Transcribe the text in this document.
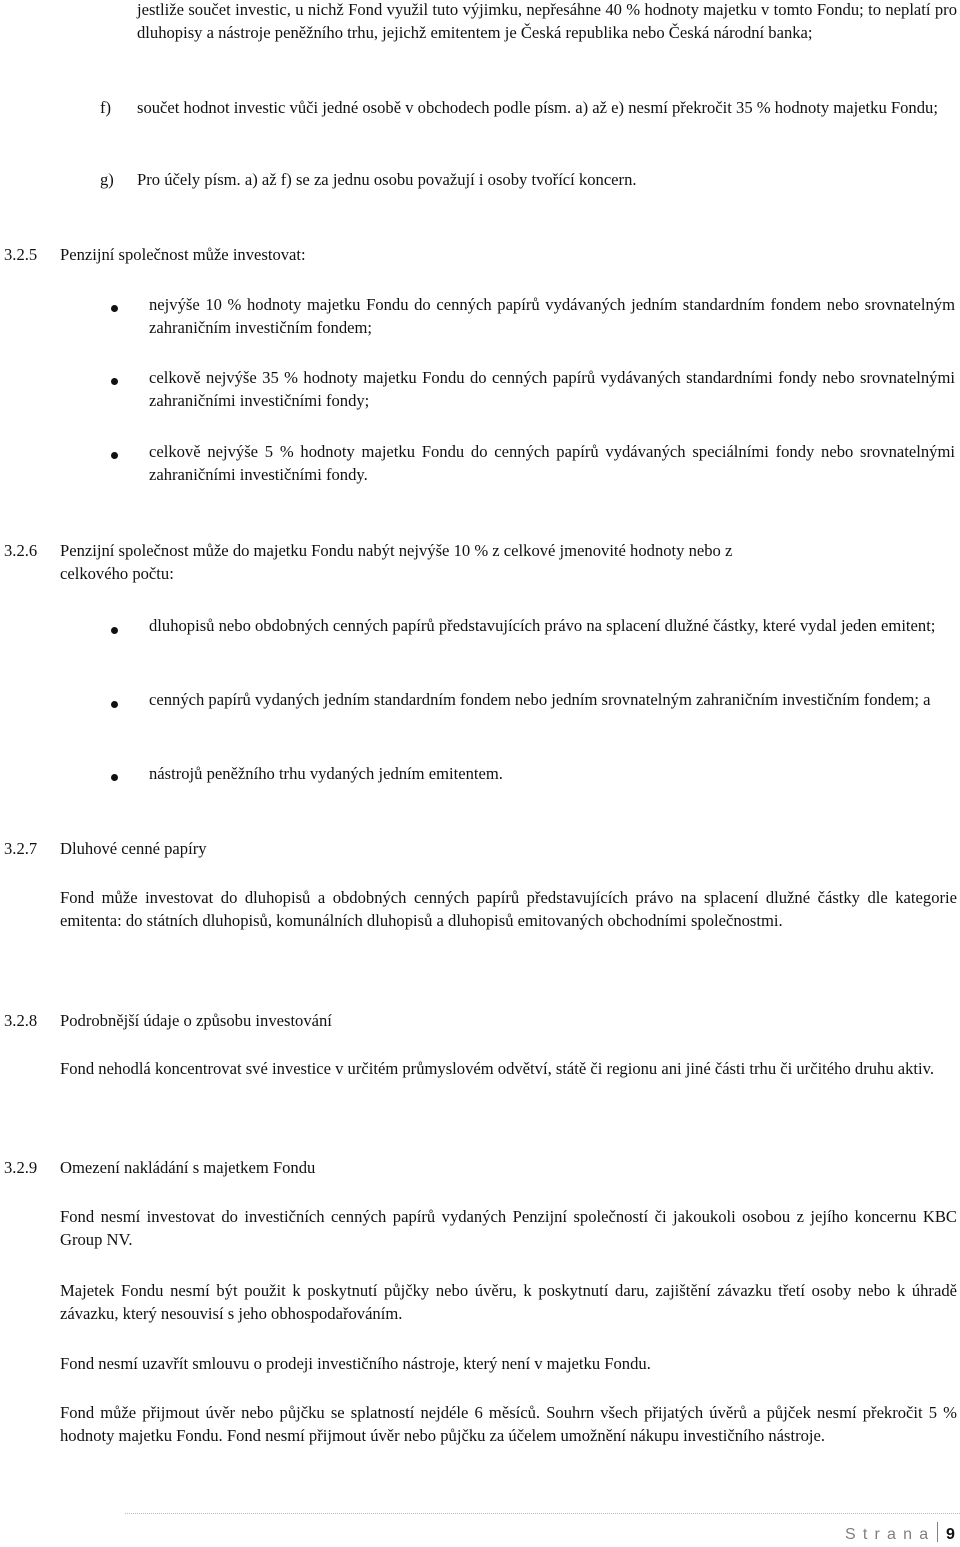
jestliže součet investic, u nichž Fond využil tuto výjimku, nepřesáhne 40 % hodnoty majetku v tomto Fondu; to neplatí pro dluhopisy a nástroje peněžního trhu, jejichž emitentem je Česká republika nebo Česká národní banka;
f) součet hodnot investic vůči jedné osobě v obchodech podle písm. a) až e) nesmí překročit 35 % hodnoty majetku Fondu;
g) Pro účely písm. a) až f) se za jednu osobu považují i osoby tvořící koncern.
3.2.5 Penzijní společnost může investovat:
nejvýše 10 % hodnoty majetku Fondu do cenných papírů vydávaných jedním standardním fondem nebo srovnatelným zahraničním investičním fondem;
celkově nejvýše 35 % hodnoty majetku Fondu do cenných papírů vydávaných standardními fondy nebo srovnatelnými zahraničními investičními fondy;
celkově nejvýše 5 % hodnoty majetku Fondu do cenných papírů vydávaných speciálními fondy nebo srovnatelnými zahraničními investičními fondy.
3.2.6 Penzijní společnost může do majetku Fondu nabýt nejvýše 10 % z celkové jmenovité hodnoty nebo z
celkového počtu:
dluhopisů nebo obdobných cenných papírů představujících právo na splacení dlužné částky, které vydal jeden emitent;
cenných papírů vydaných jedním standardním fondem nebo jedním srovnatelným zahraničním investičním fondem; a
nástrojů peněžního trhu vydaných jedním emitentem.
3.2.7 Dluhové cenné papíry
Fond může investovat do dluhopisů a obdobných cenných papírů představujících právo na splacení dlužné částky dle kategorie emitenta: do státních dluhopisů, komunálních dluhopisů a dluhopisů emitovaných obchodními společnostmi.
3.2.8 Podrobnější údaje o způsobu investování
Fond nehodlá koncentrovat své investice v určitém průmyslovém odvětví, státě či regionu ani jiné části trhu či určitého druhu aktiv.
3.2.9 Omezení nakládání s majetkem Fondu
Fond nesmí investovat do investičních cenných papírů vydaných Penzijní společností či jakoukoli osobou z jejího koncernu KBC Group NV.
Majetek Fondu nesmí být použit k poskytnutí půjčky nebo úvěru, k poskytnutí daru, zajištění závazku třetí osoby nebo k úhradě závazku, který nesouvisí s jeho obhospodařováním.
Fond nesmí uzavřít smlouvu o prodeji investičního nástroje, který není v majetku Fondu.
Fond může přijmout úvěr nebo půjčku se splatností nejdéle 6 měsíců. Souhrn všech přijatých úvěrů a půjček nesmí překročit 5 % hodnoty majetku Fondu. Fond nesmí přijmout úvěr nebo půjčku za účelem umožnění nákupu investičního nástroje.
Strana 9
